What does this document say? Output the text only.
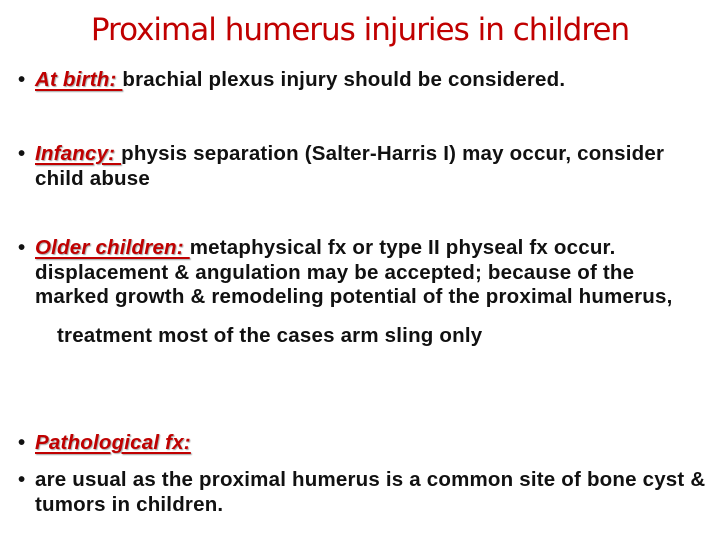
Proximal humerus injuries in children
• At birth: brachial plexus injury should be considered.
• Infancy: physis separation (Salter-Harris I) may occur, consider child abuse
• Older children: metaphysical fx or type II physeal fx occur. displacement & angulation may be accepted; because of the marked growth & remodeling potential of the proximal humerus,
treatment most of the cases arm sling only
• Pathological fx:
• are usual as the proximal humerus is a common site of bone cyst & tumors in children.
